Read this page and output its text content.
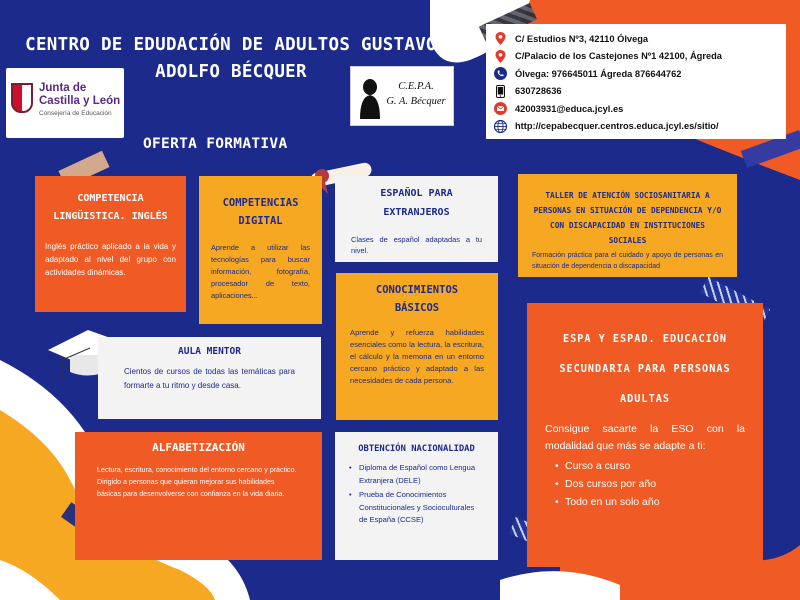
CENTRO DE EDUDACIÓN DE ADULTOS GUSTAVO
ADOLFO BÉCQUER
Junta de
Castilla y León
Consejería de Educación
C.E.P.A.
G. A. Bécquer
C/ Estudios Nº3, 42110 Ólvega
C/Palacio de los Castejones Nº1 42100, Ágreda
Ólvega: 976645011 Ágreda 876644762
630728636
42003931@educa.jcyl.es
http://cepabecquer.centros.educa.jcyl.es/sitio/
OFERTA FORMATIVA
COMPETENCIA LINGÜISTICA. INGLÉS

Inglés práctico aplicado a la vida y adaptado al nivel del grupo con actividades dinámicas.

COMPETENCIAS DIGITAL

Aprende a utilizar las tecnologías para buscar información, fotografía, procesador de texto, aplicaciones...

ESPAÑOL PARA EXTRANJEROS

Clases de español adaptadas a tu nivel.

TALLER DE ATENCIÓN SOCIOSANITARIA A PERSONAS EN SITUACIÓN DE DEPENDENCIA Y/O CON DISCAPACIDAD EN INSTITUCIONES SOCIALES

Formación práctica para el cuidado y apoyo de personas en situación de dependencia o discapacidad

CONOCIMIENTOS BÁSICOS

Aprende y refuerza habilidades esenciales como la lectura, la escritura, el cálculo y la memoria en un entorno cercano práctico y adaptado a las necesidades de cada persona.

AULA MENTOR

Cientos de cursos de todas las temáticas para formarte a tu ritmo y desde casa.

ESPA Y ESPAD. EDUCACIÓN SECUNDARIA PARA PERSONAS ADULTAS

Consigue sacarte la ESO con la modalidad que más se adapte a ti:

• Curso a curso
• Dos cursos por año
• Todo en un solo año
ALFABETIZACIÓN

Lectura, escritura, conocimiento del entorno cercano y práctico. Dirigido a personas que quieran mejorar sus habilidades básicas para desenvolverse con confianza en la vida diaria.

OBTENCIÓN NACIONALIDAD
• Diploma de Español como Lengua Extranjera (DELE)
• Prueba de Conocimientos Constitucionales y Socioculturales de España (CCSE)
